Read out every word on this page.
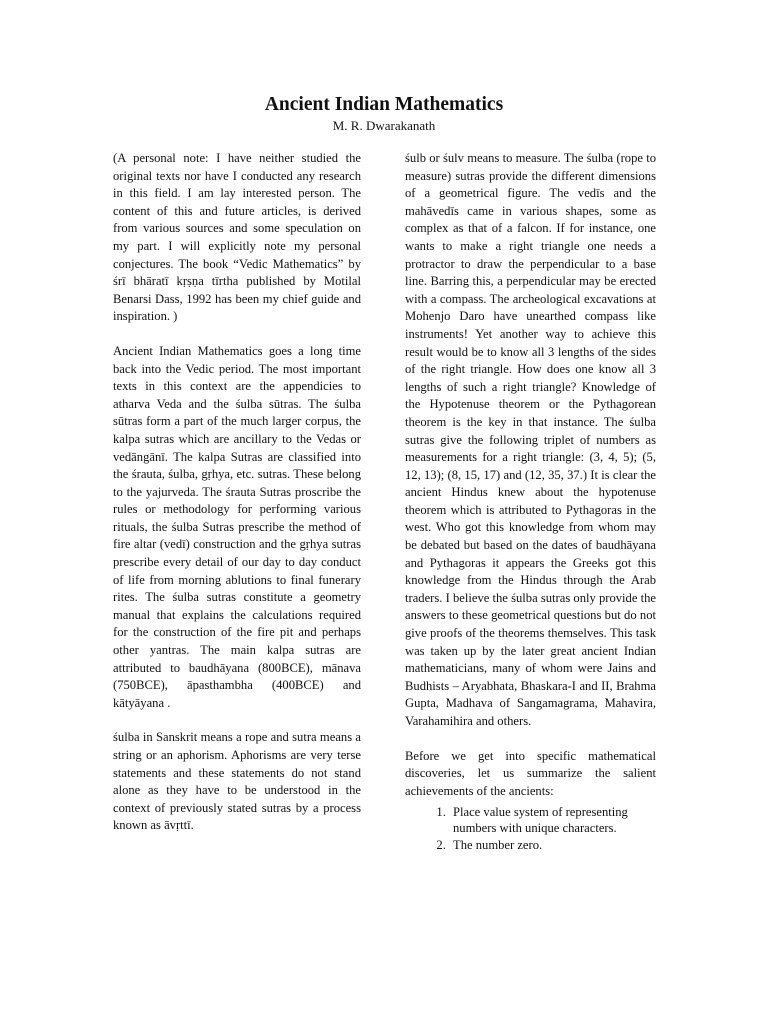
Ancient Indian Mathematics
M. R. Dwarakanath

(A personal note: I have neither studied the original texts nor have I conducted any research in this field. I am lay interested person. The content of this and future articles, is derived from various sources and some speculation on my part. I will explicitly note my personal conjectures. The book “Vedic Mathematics” by śrī bhāratī kṛṣṇa tīrtha published by Motilal Benarsi Dass, 1992 has been my chief guide and inspiration. )

Ancient Indian Mathematics goes a long time back into the Vedic period. The most important texts in this context are the appendicies to atharva Veda and the śulba sūtras. The śulba sūtras form a part of the much larger corpus, the kalpa sutras which are ancillary to the Vedas or vedāngānī. The kalpa Sutras are classified into the śrauta, śulba, gṛhya, etc. sutras. These belong to the yajurveda. The śrauta Sutras proscribe the rules or methodology for performing various rituals, the śulba Sutras prescribe the method of fire altar (vedī) construction and the gṛhya sutras prescribe every detail of our day to day conduct of life from morning ablutions to final funerary rites. The śulba sutras constitute a geometry manual that explains the calculations required for the construction of the fire pit and perhaps other yantras. The main kalpa sutras are attributed to baudhāyana (800BCE), mānava (750BCE), āpasthambha (400BCE) and kātyāyana .

śulba in Sanskrit means a rope and sutra means a string or an aphorism. Aphorisms are very terse statements and these statements do not stand alone as they have to be understood in the context of previously stated sutras by a process known as āvṛttī.

śulb or śulv means to measure. The śulba (rope to measure) sutras provide the different dimensions of a geometrical figure. The vedīs and the mahāvedīs came in various shapes, some as complex as that of a falcon. If for instance, one wants to make a right triangle one needs a protractor to draw the perpendicular to a base line. Barring this, a perpendicular may be erected with a compass. The archeological excavations at Mohenjo Daro have unearthed compass like instruments! Yet another way to achieve this result would be to know all 3 lengths of the sides of the right triangle. How does one know all 3 lengths of such a right triangle? Knowledge of the Hypotenuse theorem or the Pythagorean theorem is the key in that instance. The śulba sutras give the following triplet of numbers as measurements for a right triangle: (3, 4, 5); (5, 12, 13); (8, 15, 17) and (12, 35, 37.) It is clear the ancient Hindus knew about the hypotenuse theorem which is attributed to Pythagoras in the west. Who got this knowledge from whom may be debated but based on the dates of baudhāyana and Pythagoras it appears the Greeks got this knowledge from the Hindus through the Arab traders. I believe the śulba sutras only provide the answers to these geometrical questions but do not give proofs of the theorems themselves. This task was taken up by the later great ancient Indian mathematicians, many of whom were Jains and Budhists – Aryabhata, Bhaskara-I and II, Brahma Gupta, Madhava of Sangamagrama, Mahavira, Varahamihira and others.

Before we get into specific mathematical discoveries, let us summarize the salient achievements of the ancients:

1. Place value system of representing numbers with unique characters.
2. The number zero.
